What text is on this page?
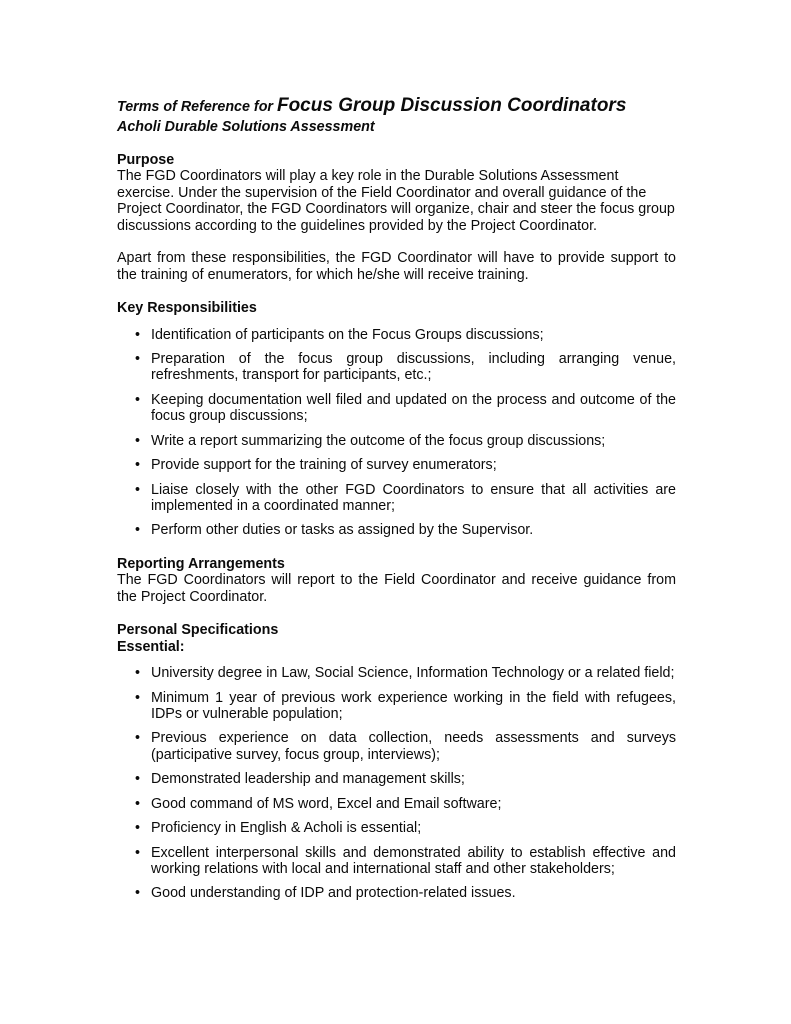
Terms of Reference for Focus Group Discussion Coordinators
Acholi Durable Solutions Assessment

Purpose

The FGD Coordinators will play a key role in the Durable Solutions Assessment exercise. Under the supervision of the Field Coordinator and overall guidance of the Project Coordinator, the FGD Coordinators will organize, chair and steer the focus group discussions according to the guidelines provided by the Project Coordinator.

Apart from these responsibilities, the FGD Coordinator will have to provide support to the training of enumerators, for which he/she will receive training.

Key Responsibilities

• Identification of participants on the Focus Groups discussions;
• Preparation of the focus group discussions, including arranging venue, refreshments, transport for participants, etc.;
• Keeping documentation well filed and updated on the process and outcome of the focus group discussions;
• Write a report summarizing the outcome of the focus group discussions;
• Provide support for the training of survey enumerators;
• Liaise closely with the other FGD Coordinators to ensure that all activities are implemented in a coordinated manner;
• Perform other duties or tasks as assigned by the Supervisor.

Reporting Arrangements

The FGD Coordinators will report to the Field Coordinator and receive guidance from the Project Coordinator.

Personal Specifications

Essential:

• University degree in Law, Social Science, Information Technology or a related field;
• Minimum 1 year of previous work experience working in the field with refugees, IDPs or vulnerable population;
• Previous experience on data collection, needs assessments and surveys (participative survey, focus group, interviews);
• Demonstrated leadership and management skills;
• Good command of MS word, Excel and Email software;
• Proficiency in English & Acholi is essential;
• Excellent interpersonal skills and demonstrated ability to establish effective and working relations with local and international staff and other stakeholders;
• Good understanding of IDP and protection-related issues.
